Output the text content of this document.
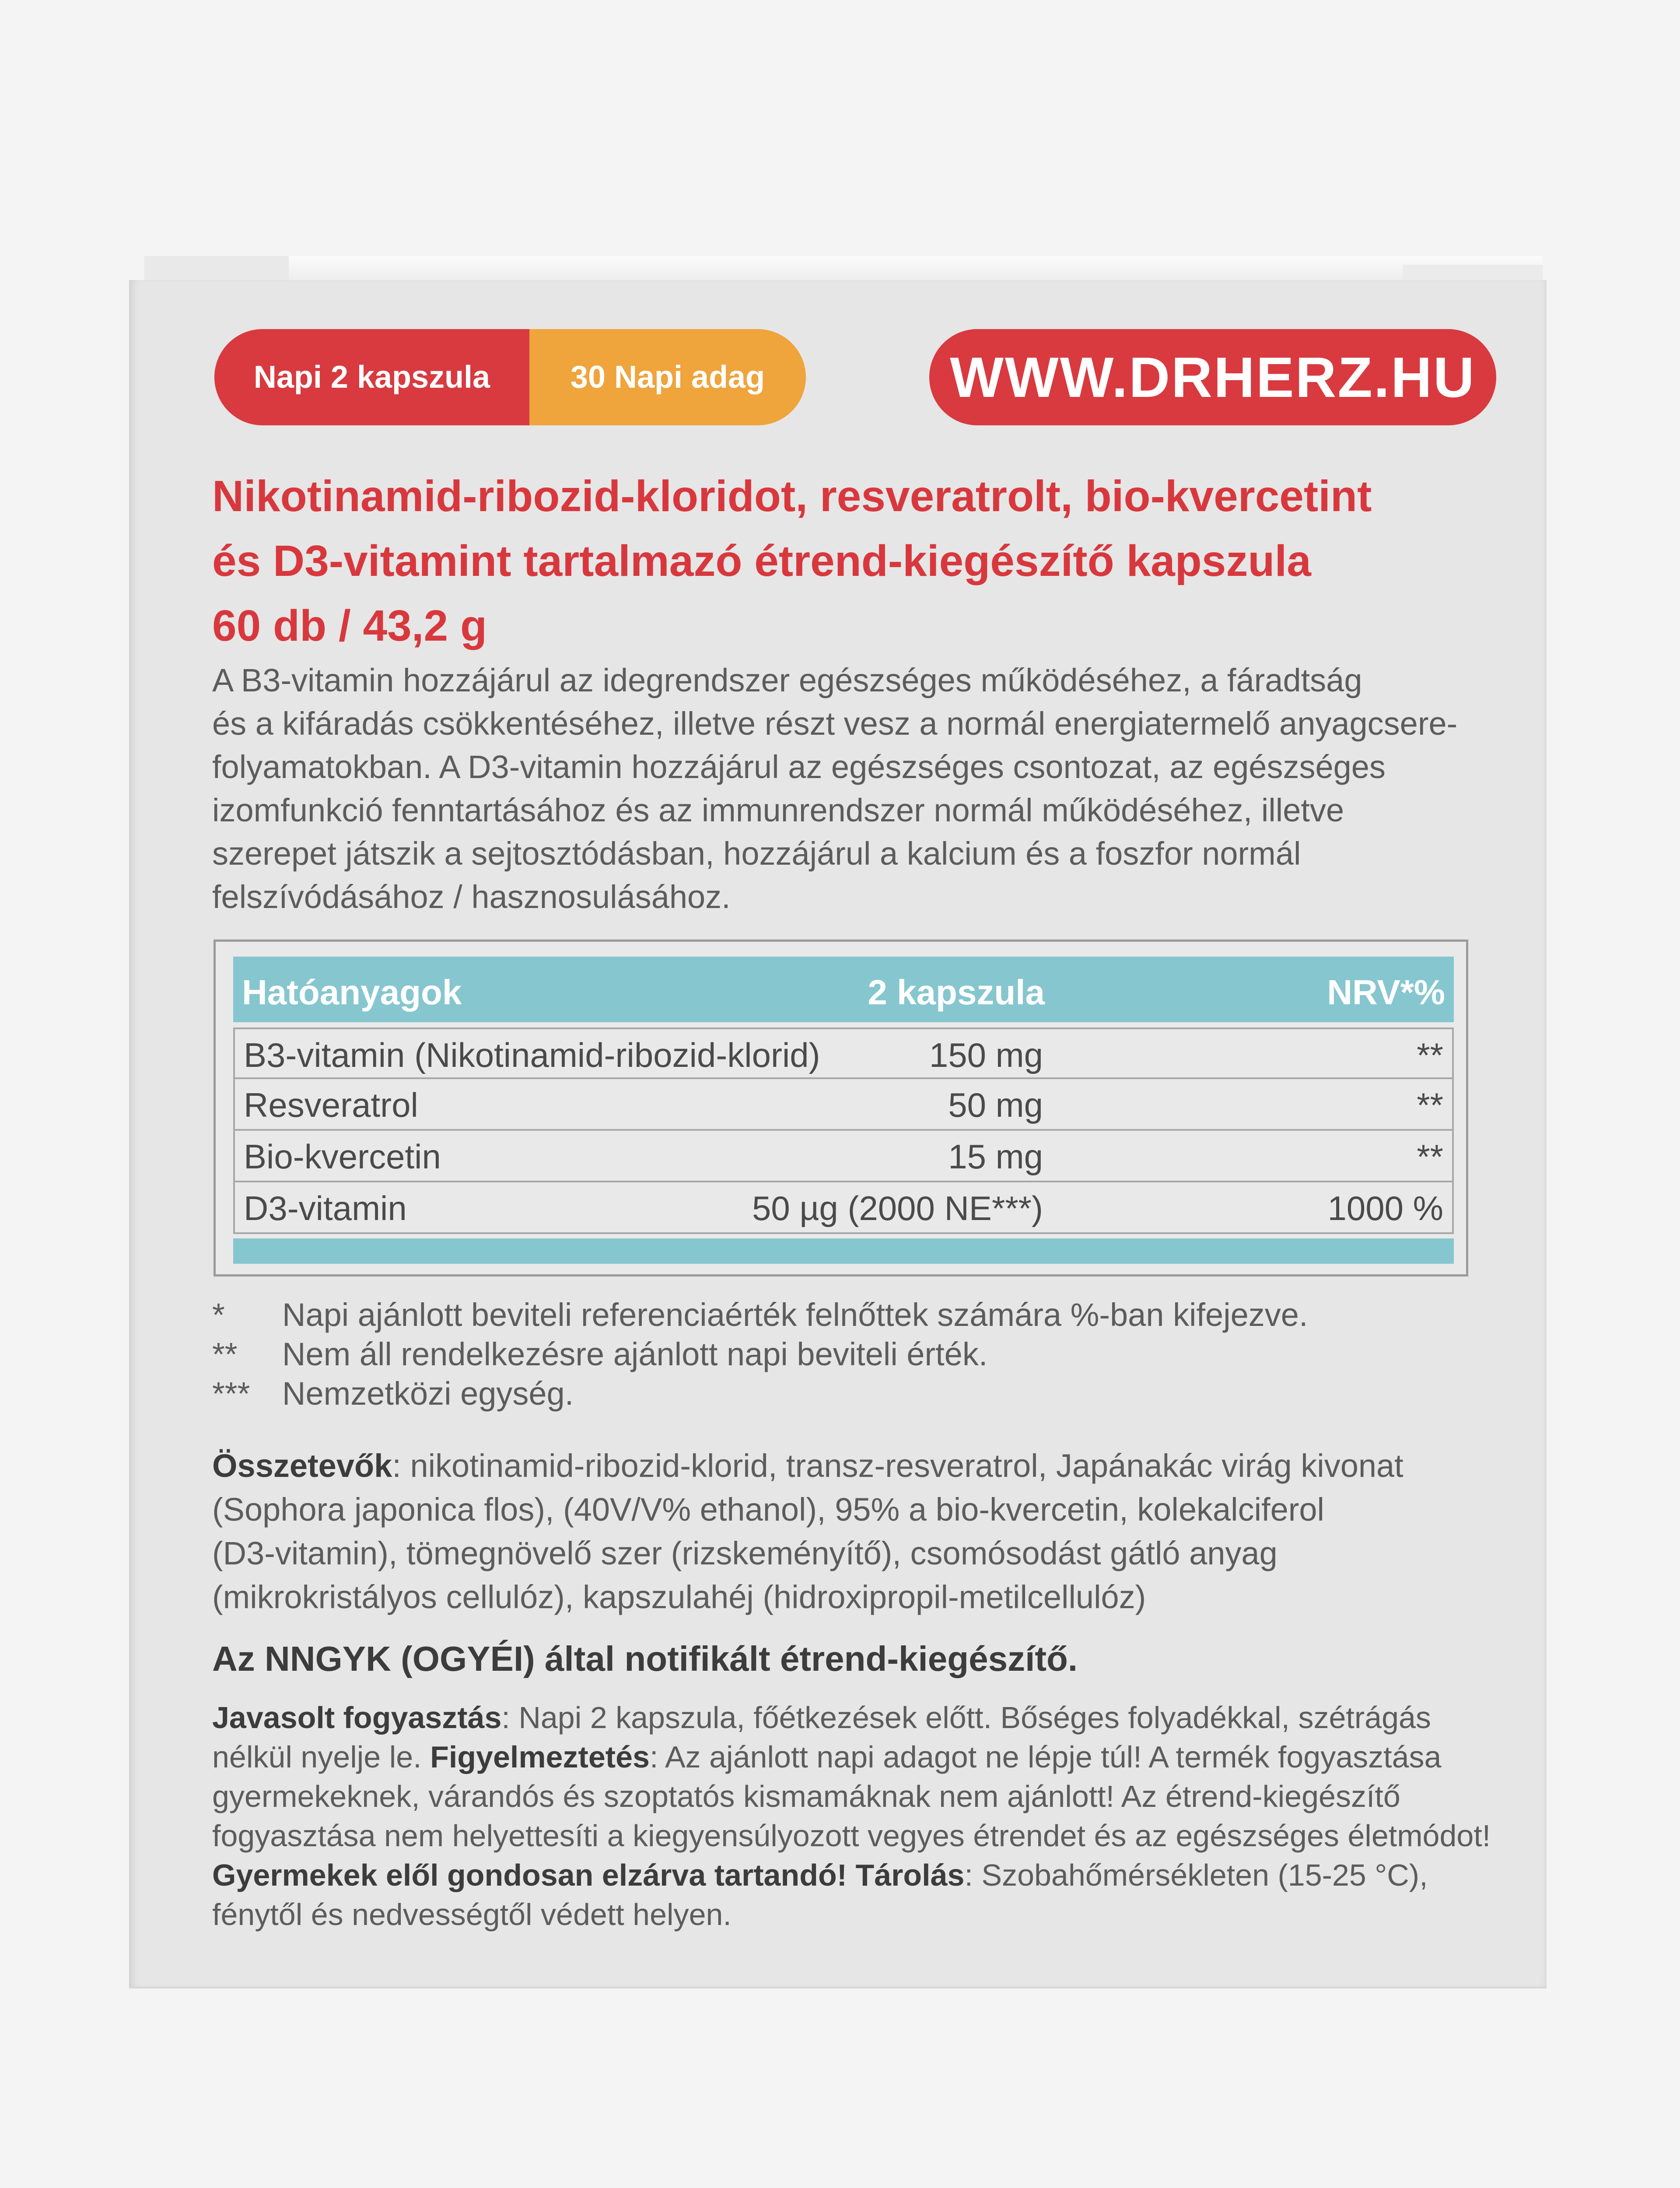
Napi 2 kapszula	30 Napi adag	WWW.DRHERZ.HU
Nikotinamid-ribozid-kloridot, resveratrolt, bio-kvercetint
és D3-vitamint tartalmazó étrend-kiegészítő kapszula
60 db / 43,2 g
A B3-vitamin hozzájárul az idegrendszer egészséges működéséhez, a fáradtság
és a kifáradás csökkentéséhez, illetve részt vesz a normál energiatermelő anyagcsere-
folyamatokban. A D3-vitamin hozzájárul az egészséges csontozat, az egészséges
izomfunkció fenntartásához és az immunrendszer normál működéséhez, illetve
szerepet játszik a sejtosztódásban, hozzájárul a kalcium és a foszfor normál
felszívódásához / hasznosulásához.
Hatóanyagok	2 kapszula	NRV*%
B3-vitamin (Nikotinamid-ribozid-klorid)	150 mg	**
Resveratrol	50 mg	**
Bio-kvercetin	15 mg	**
D3-vitamin	50 µg (2000 NE***)	1000 %
*	Napi ajánlott beviteli referenciaérték felnőttek számára %-ban kifejezve.
**	Nem áll rendelkezésre ajánlott napi beviteli érték.
*** Nemzetközi egység.
Összetevők: nikotinamid-ribozid-klorid, transz-resveratrol, Japánakác virág kivonat
(Sophora japonica flos), (40V/V% ethanol), 95% a bio-kvercetin, kolekalciferol
(D3-vitamin), tömegnövelő szer (rizskeményítő), csomósodást gátló anyag
(mikrokristályos cellulóz), kapszulahéj (hidroxipropil-metilcellulóz)
Az NNGYK (OGYÉI) által notifikált étrend-kiegészítő.
Javasolt fogyasztás: Napi 2 kapszula, főétkezések előtt. Bőséges folyadékkal, szétrágás
nélkül nyelje le. Figyelmeztetés: Az ajánlott napi adagot ne lépje túl! A termék fogyasztása
gyermekeknek, várandós és szoptatós kismamáknak nem ajánlott! Az étrend-kiegészítő
fogyasztása nem helyettesíti a kiegyensúlyozott vegyes étrendet és az egészséges életmódot!
Gyermekek elől gondosan elzárva tartandó! Tárolás: Szobahőmérsékleten (15-25 °C),
fénytől és nedvességtől védett helyen.
